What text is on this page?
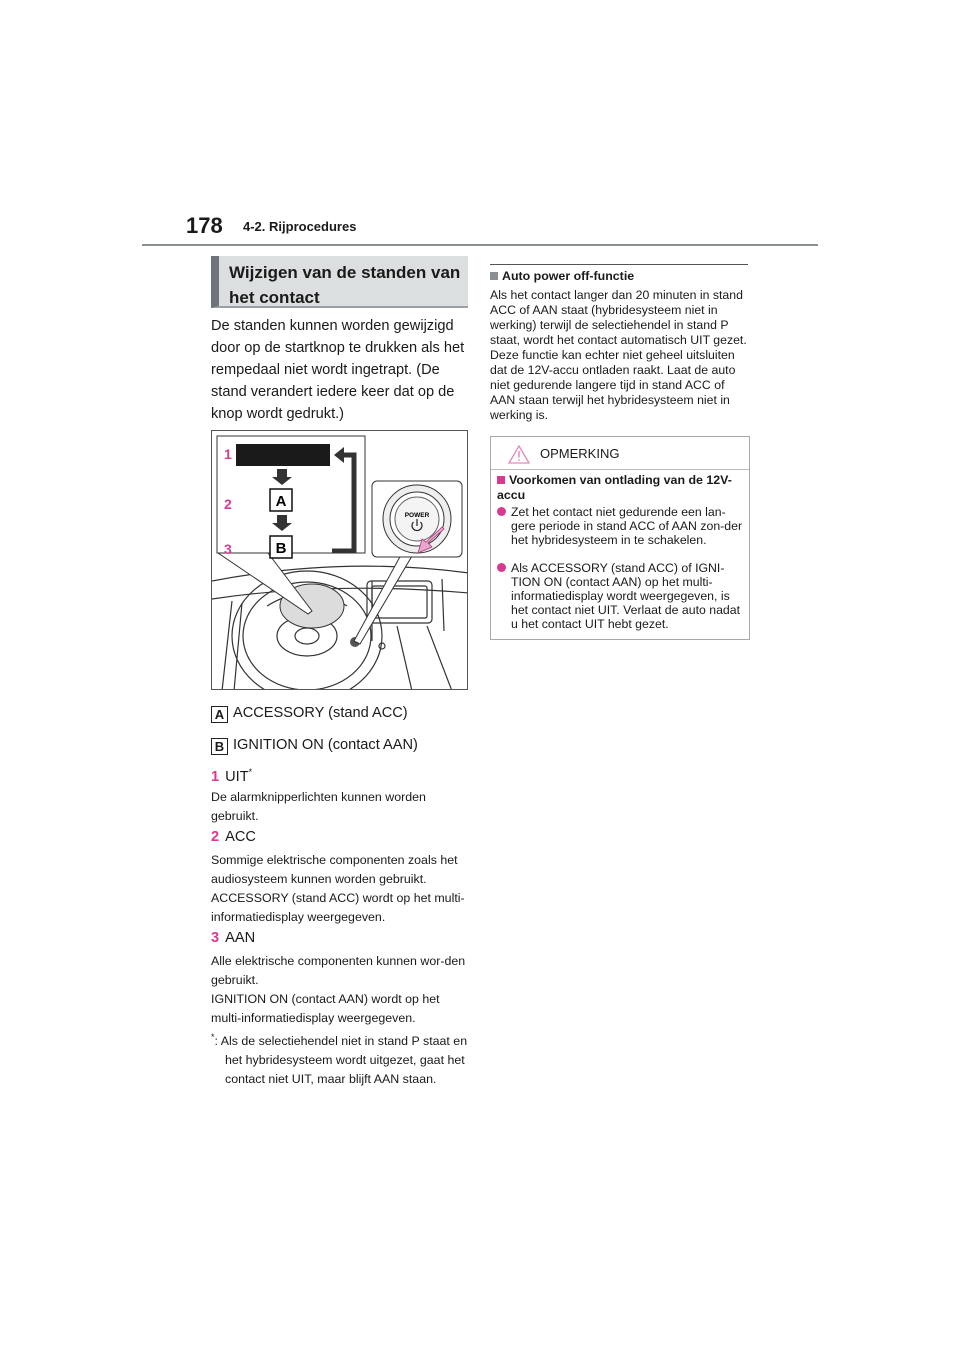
178 4-2. Rijprocedures
Wijzigen van de standen van het contact
De standen kunnen worden gewijzigd door op de startknop te drukken als het rempedaal niet wordt ingetrapt. (De stand verandert iedere keer dat op de knop wordt gedrukt.)
1
2
3
A
B
POWER
A ACCESSORY (stand ACC)
B IGNITION ON (contact AAN)
1 UIT*
De alarmknipperlichten kunnen worden gebruikt.
2 ACC
Sommige elektrische componenten zoals het audiosysteem kunnen worden gebruikt.
ACCESSORY (stand ACC) wordt op het multi-informatiedisplay weergegeven.
3 AAN
Alle elektrische componenten kunnen wor-den gebruikt.
IGNITION ON (contact AAN) wordt op het multi-informatiedisplay weergegeven.
*: Als de selectiehendel niet in stand P staat en het hybridesysteem wordt uitgezet, gaat het contact niet UIT, maar blijft AAN staan.
Auto power off-functie
Als het contact langer dan 20 minuten in stand ACC of AAN staat (hybridesysteem niet in werking) terwijl de selectiehendel in stand P staat, wordt het contact automatisch UIT gezet. Deze functie kan echter niet geheel uitsluiten dat de 12V-accu ontladen raakt. Laat de auto niet gedurende langere tijd in stand ACC of AAN staan terwijl het hybridesysteem niet in werking is.
OPMERKING
Voorkomen van ontlading van de 12V-accu
Zet het contact niet gedurende een lan-gere periode in stand ACC of AAN zon-der het hybridesysteem in te schakelen.
Als ACCESSORY (stand ACC) of IGNI-TION ON (contact AAN) op het multi-informatiedisplay wordt weergegeven, is het contact niet UIT. Verlaat de auto nadat u het contact UIT hebt gezet.
